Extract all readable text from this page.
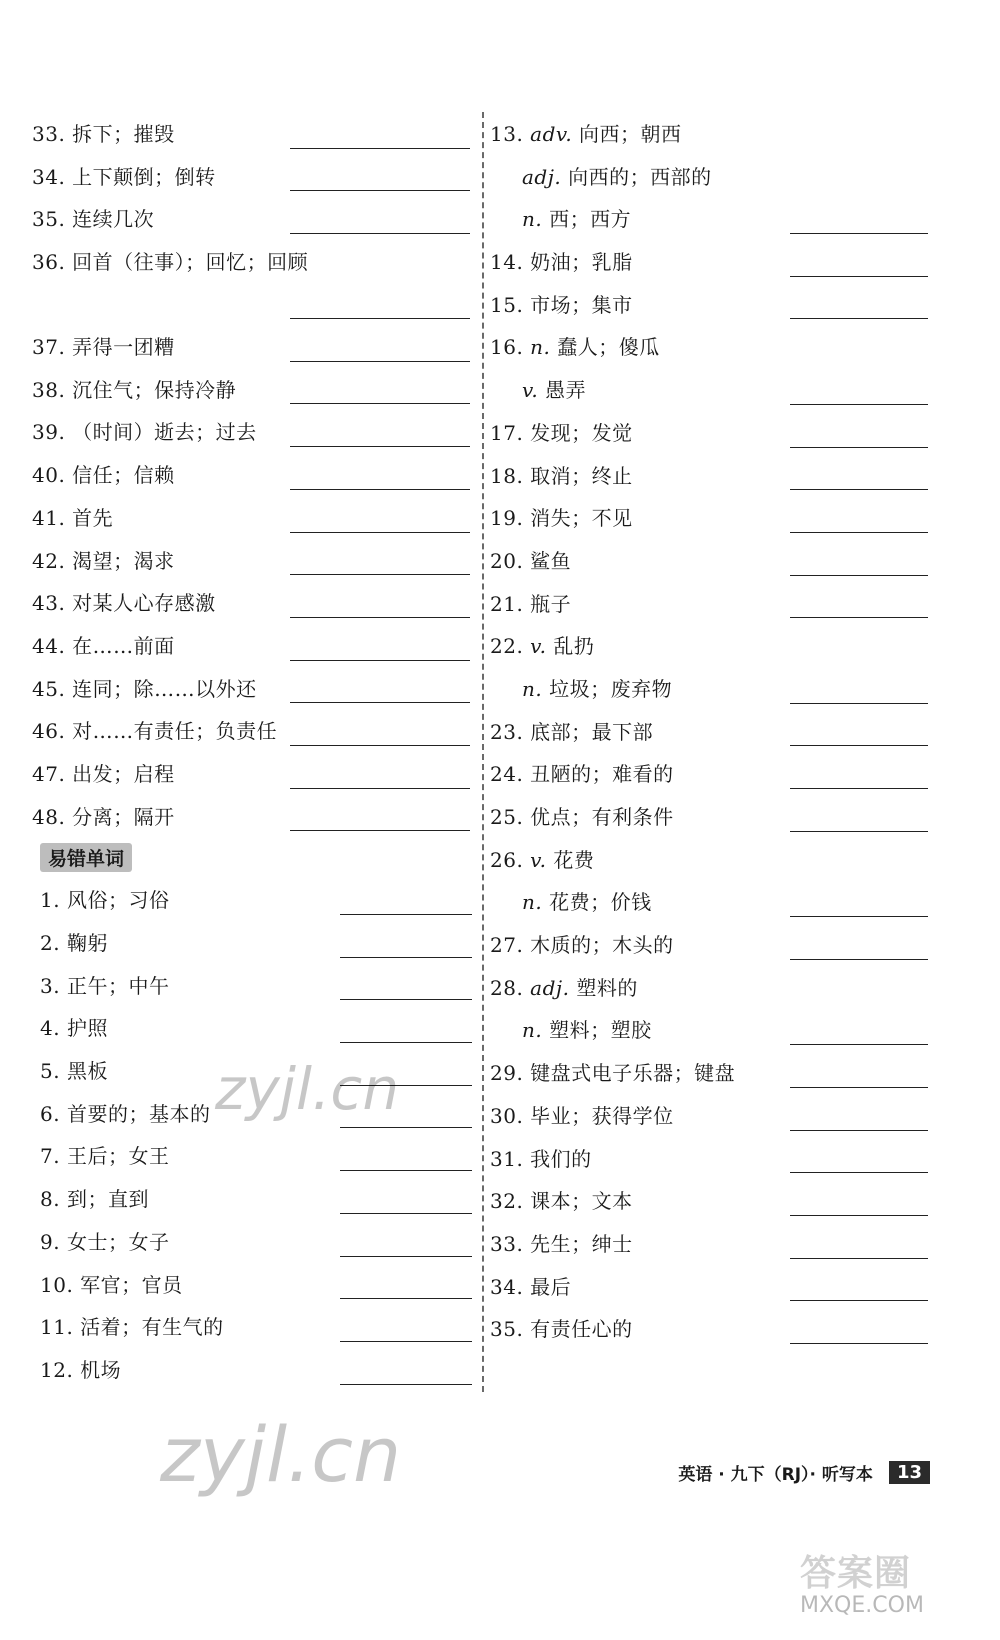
33. 拆下；摧毁
34. 上下颠倒；倒转
35. 连续几次
36. 回首（往事）；回忆；回顾
37. 弄得一团糟
38. 沉住气；保持冷静
39. （时间）逝去；过去
40. 信任；信赖
41. 首先
42. 渴望；渴求
43. 对某人心存感激
44. 在……前面
45. 连同；除……以外还
46. 对……有责任；负责任
47. 出发；启程
48. 分离；隔开
易错单词
1. 风俗；习俗
2. 鞠躬
3. 正午；中午
4. 护照
5. 黑板
6. 首要的；基本的
7. 王后；女王
8. 到；直到
9. 女士；女子
10. 军官；官员
11. 活着；有生气的
12. 机场
13. adv. 向西；朝西
adj. 向西的；西部的
n. 西；西方
14. 奶油；乳脂
15. 市场；集市
16. n. 蠢人；傻瓜
v. 愚弄
17. 发现；发觉
18. 取消；终止
19. 消失；不见
20. 鲨鱼
21. 瓶子
22. v. 乱扔
n. 垃圾；废弃物
23. 底部；最下部
24. 丑陋的；难看的
25. 优点；有利条件
26. v. 花费
n. 花费；价钱
27. 木质的；木头的
28. adj. 塑料的
n. 塑料；塑胶
29. 键盘式电子乐器；键盘
30. 毕业；获得学位
31. 我们的
32. 课本；文本
33. 先生；绅士
34. 最后
35. 有责任心的
英语 · 九下（RJ）· 听写本	13
zyjl.cn
zyjl.cn
答案圈
MXQE.COM
